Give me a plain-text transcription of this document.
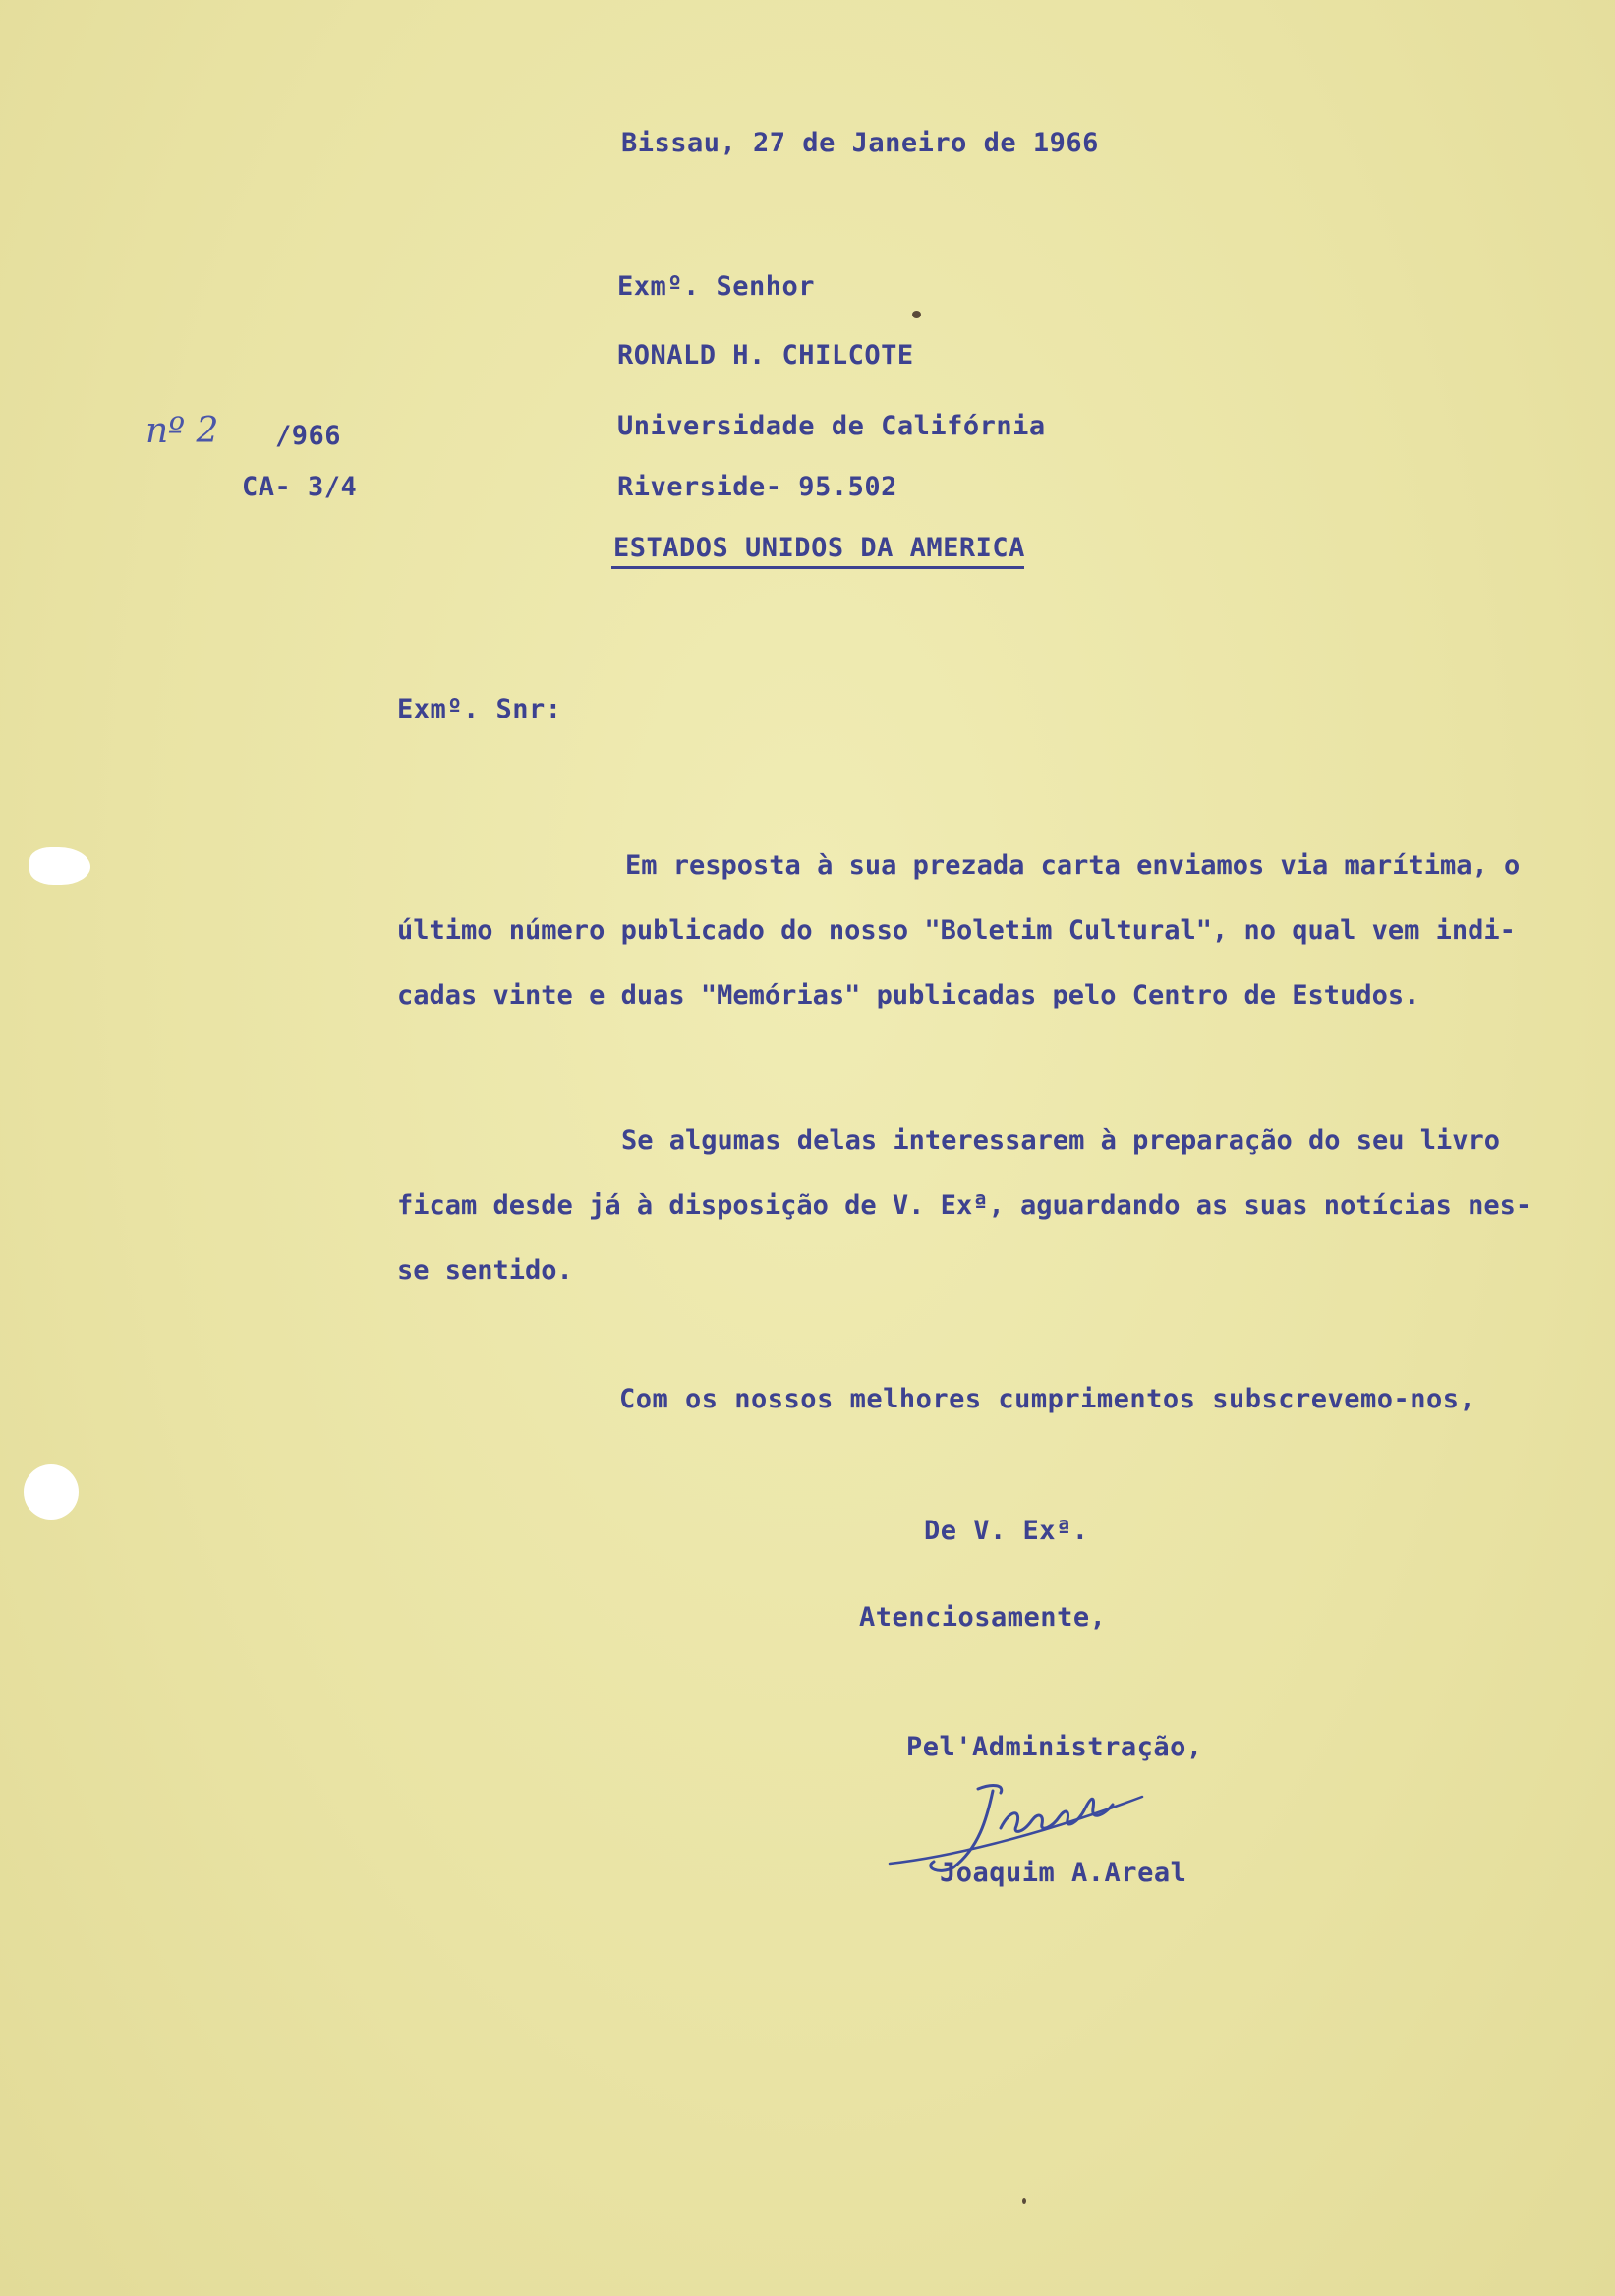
Bissau, 27 de Janeiro de 1966
nº 2 /966
CA- 3/4
Exmº. Senhor
RONALD H. CHILCOTE
Universidade de Califórnia
Riverside- 95.502
ESTADOS UNIDOS DA AMERICA
Exmº. Snr:
Em resposta à sua prezada carta enviamos via marítima, o
último número publicado do nosso "Boletim Cultural", no qual vem indi-
cadas vinte e duas "Memórias" publicadas pelo Centro de Estudos.
Se algumas delas interessarem à preparação do seu livro
ficam desde já à disposição de V. Exª, aguardando as suas notícias nes-
se sentido.
Com os nossos melhores cumprimentos subscrevemo-nos,
De V. Exª.
Atenciosamente,
Pel'Administração,
Joaquim A.Areal
